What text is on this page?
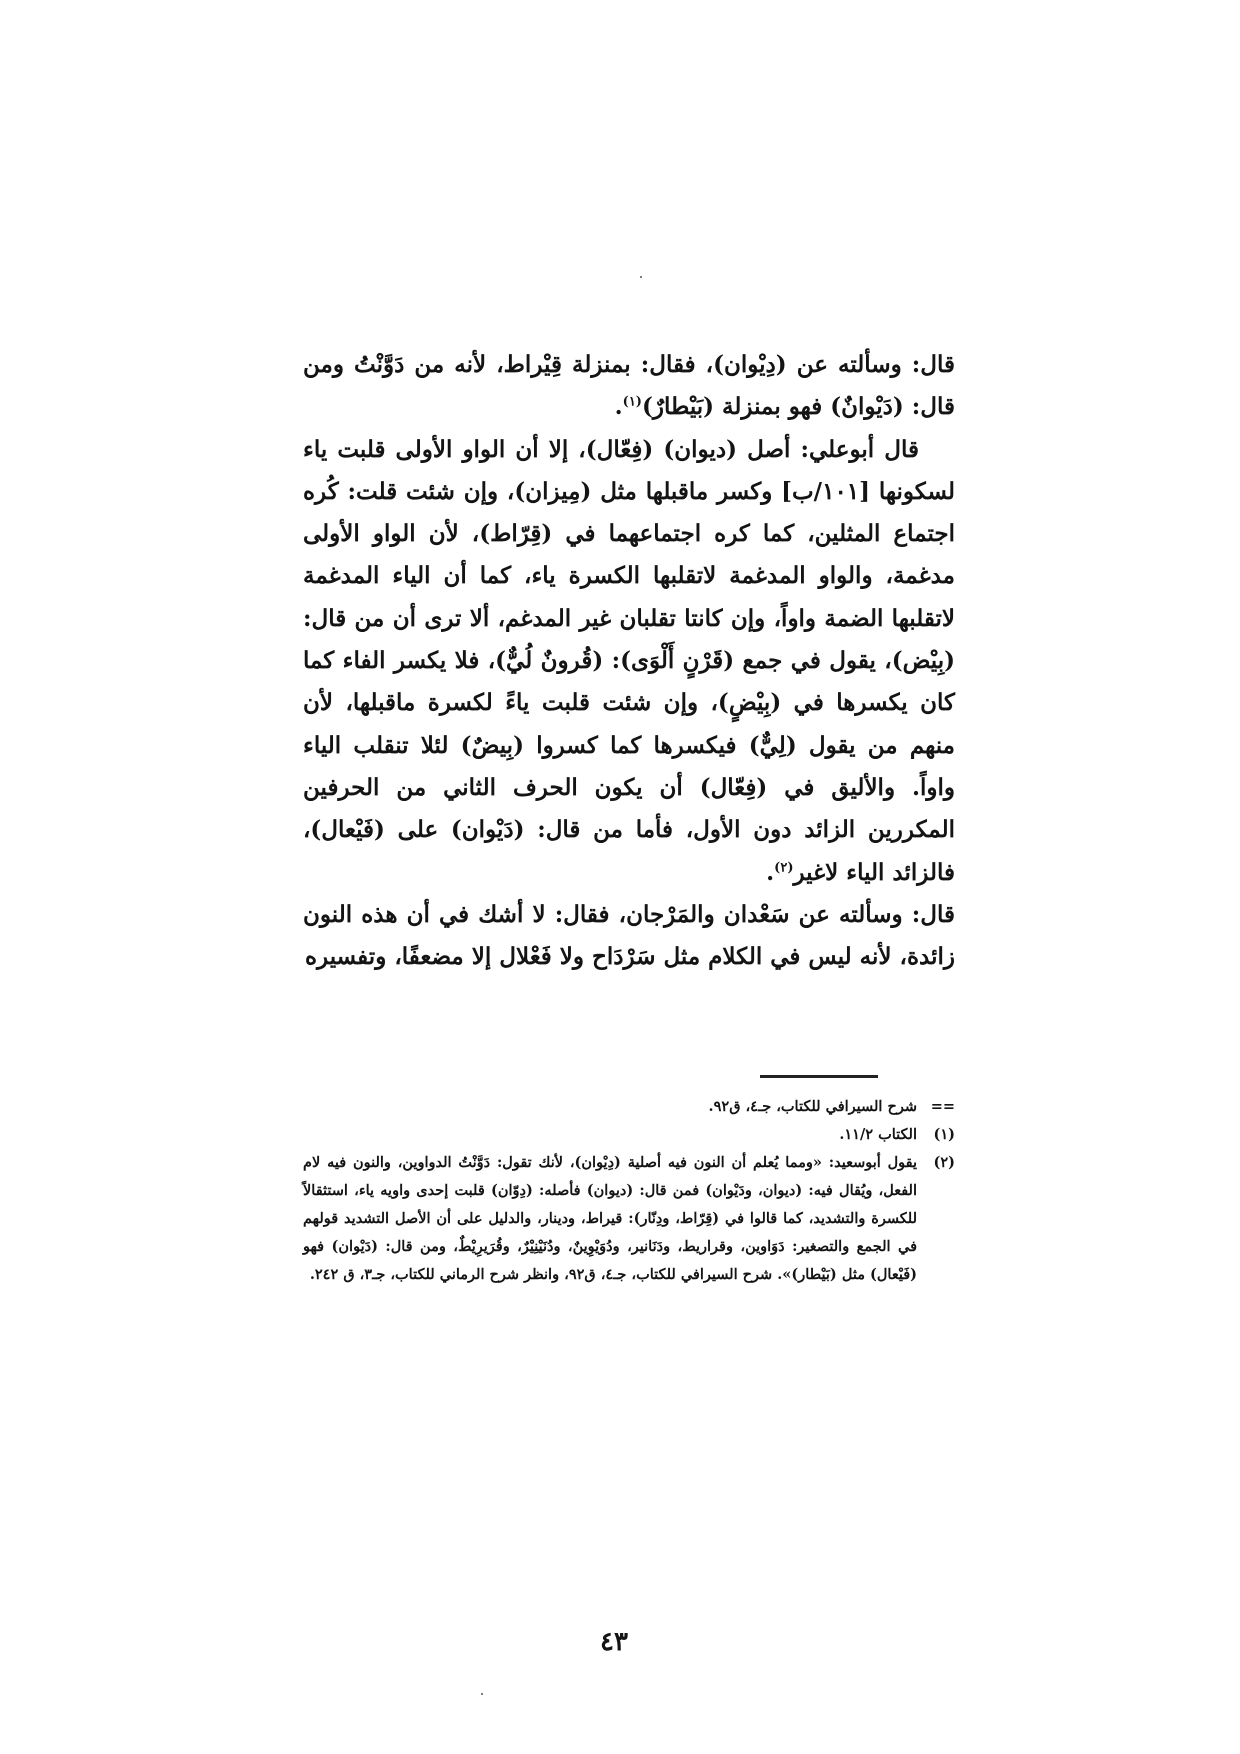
قال: وسألته عن (دِيْوان)، فقال: بمنزلة قِيْراط، لأنه من دَوَّنْتُ ومن قال: (دَيْوانٌ) فهو بمنزلة (بَيْطارٌ)$^{(١)}$.

قال أبوعلي: أصل (ديوان) (فِعّال)، إلا أن الواو الأولى قلبت ياء لسكونها [١٠١/ب] وكسر ماقبلها مثل (مِيزان)، وإن شئت قلت: كُره اجتماع المثلين، كما كره اجتماعهما في (قِرّاط)، لأن الواو الأولى مدغمة، والواو المدغمة لاتقلبها الكسرة ياء، كما أن الياء المدغمة لاتقلبها الضمة واواً، وإن كانتا تقلبان غير المدغم، ألا ترى أن من قال: (بِيْض)، يقول في جمع (قَرْنٍ أَلْوَى): (قُرونٌ لُيٌّ)، فلا يكسر الفاء كما كان يكسرها في (بِيْضٍ)، وإن شئت قلبت ياءً لكسرة ماقبلها، لأن منهم من يقول (لِيٌّ) فيكسرها كما كسروا (بِيضٌ) لئلا تنقلب الياء واواً. والأليق في (فِعّال) أن يكون الحرف الثاني من الحرفين المكررين الزائد دون الأول، فأما من قال: (دَيْوان) على (فَيْعال)، فالزائد الياء لاغير$^{(٢)}$.

قال: وسألته عن سَعْدان والمَرْجان، فقال: لا أشك في أن هذه النون زائدة، لأنه ليس في الكلام مثل سَرْدَاح ولا فَعْلال إلا مضعفًا، وتفسيره

==
شرح السيرافي للكتاب، جـ٤، ق٩٢.

(١)
الكتاب ١١/٢.

(٢)
يقول أبوسعيد: «ومما يُعلم أن النون فيه أصلية (دِيْوان)، لأنك تقول: دَوَّنْتُ الدواوين، والنون فيه لام الفعل، ويُقال فيه: (ديوان، ودَيْوان) فمن قال: (ديوان) فأصله: (دِوّان) قلبت إحدى واويه ياء، استثقالاً للكسرة والتشديد، كما قالوا في (قِرّاط، ودِنّار): قيراط، ودينار، والدليل على أن الأصل التشديد قولهم في الجمع والتصغير: دَوَاوين، وقراريط، ودَنَانير، ودُوَيْوِينٌ، ودُنَيْنِيْرٌ، وقُرَيرِيْطٌ، ومن قال: (دَيْوان) فهو (فَيْعال) مثل (بَيْطار)». شرح السيرافي للكتاب، جـ٤، ق٩٢، وانظر شرح الرماني للكتاب، جـ٣، ق ٢٤٢.

٤٣
